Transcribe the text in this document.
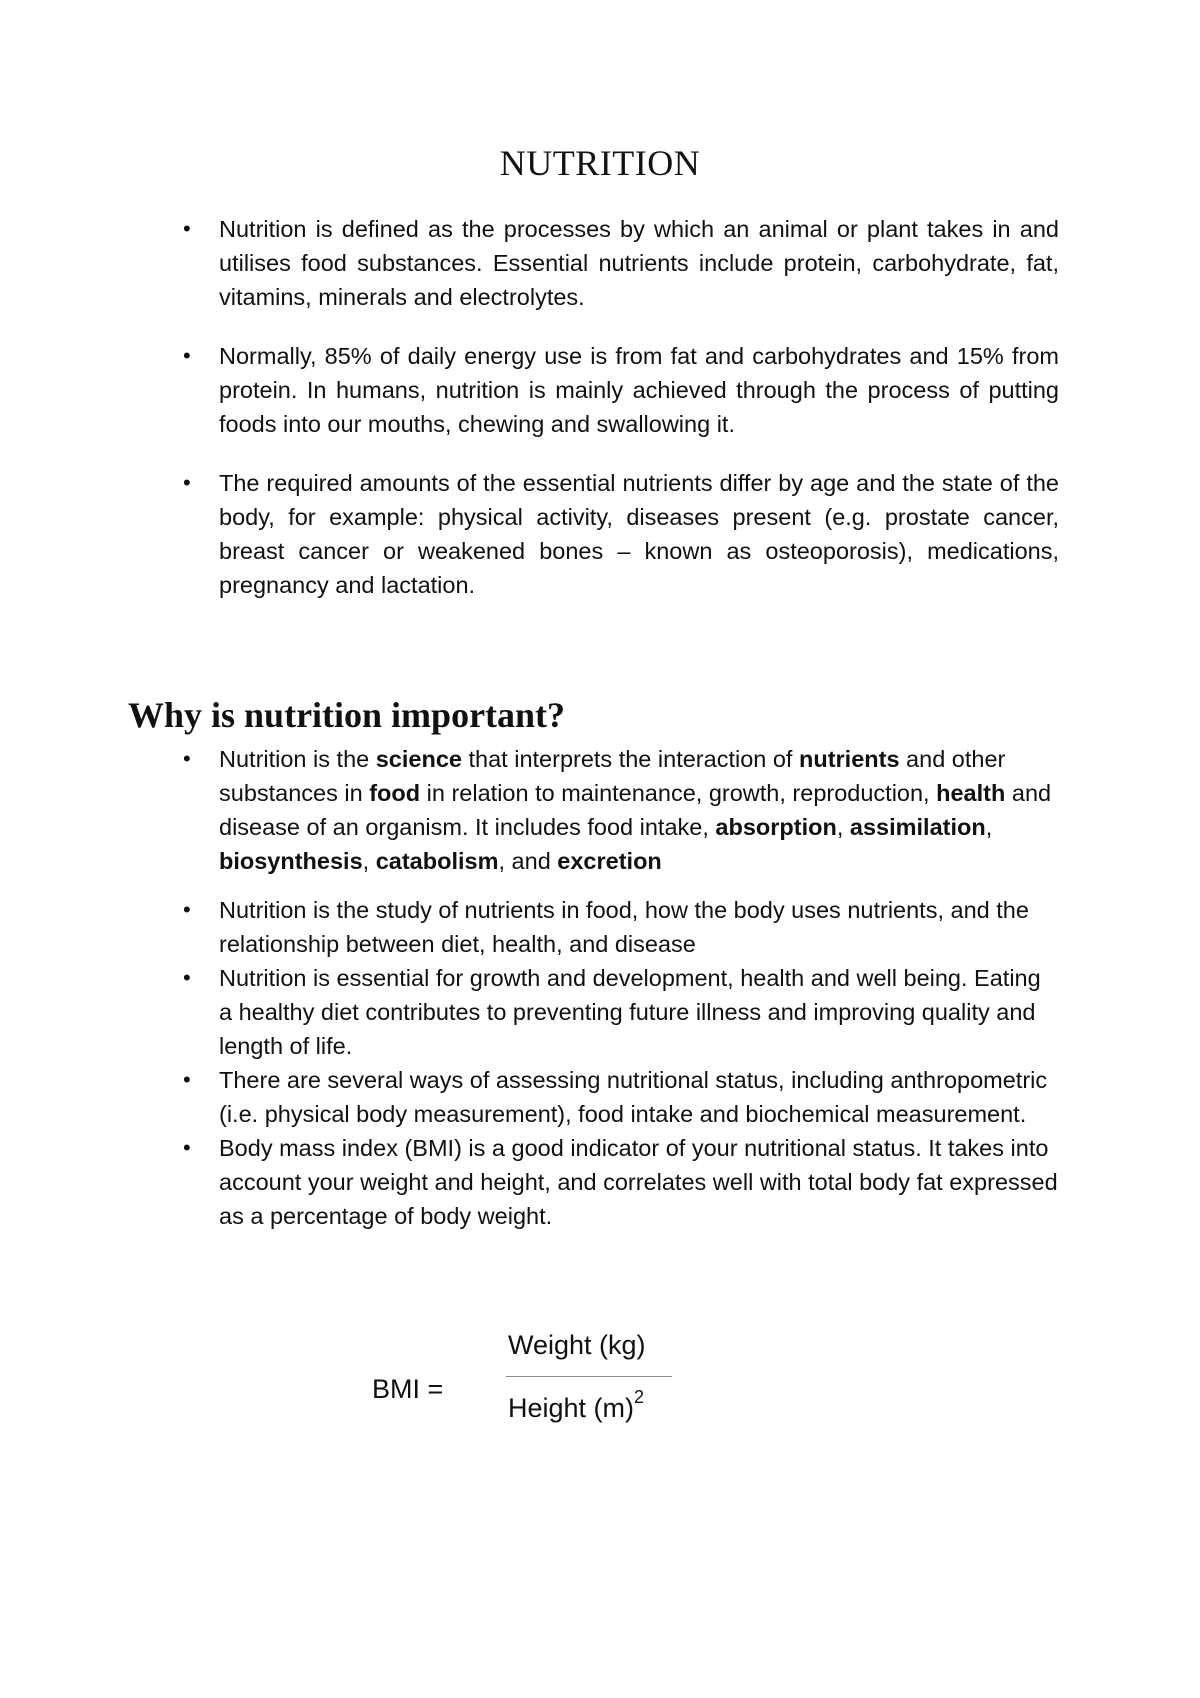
NUTRITION
• Nutrition is defined as the processes by which an animal or plant takes in and utilises food substances. Essential nutrients include protein, carbohydrate, fat, vitamins, minerals and electrolytes.
• Normally, 85% of daily energy use is from fat and carbohydrates and 15% from protein. In humans, nutrition is mainly achieved through the process of putting foods into our mouths, chewing and swallowing it.
• The required amounts of the essential nutrients differ by age and the state of the body, for example: physical activity, diseases present (e.g. prostate cancer, breast cancer or weakened bones – known as osteoporosis), medications, pregnancy and lactation.
Why is nutrition important?
• Nutrition is the science that interprets the interaction of nutrients and other substances in food in relation to maintenance, growth, reproduction, health and disease of an organism. It includes food intake, absorption, assimilation, biosynthesis, catabolism, and excretion
• Nutrition is the study of nutrients in food, how the body uses nutrients, and the relationship between diet, health, and disease
• Nutrition is essential for growth and development, health and well being. Eating a healthy diet contributes to preventing future illness and improving quality and length of life.
• There are several ways of assessing nutritional status, including anthropometric (i.e. physical body measurement), food intake and biochemical measurement.
• Body mass index (BMI) is a good indicator of your nutritional status. It takes into account your weight and height, and correlates well with total body fat expressed as a percentage of body weight.
BMI =
Weight (kg)
Height $(m)^2$
